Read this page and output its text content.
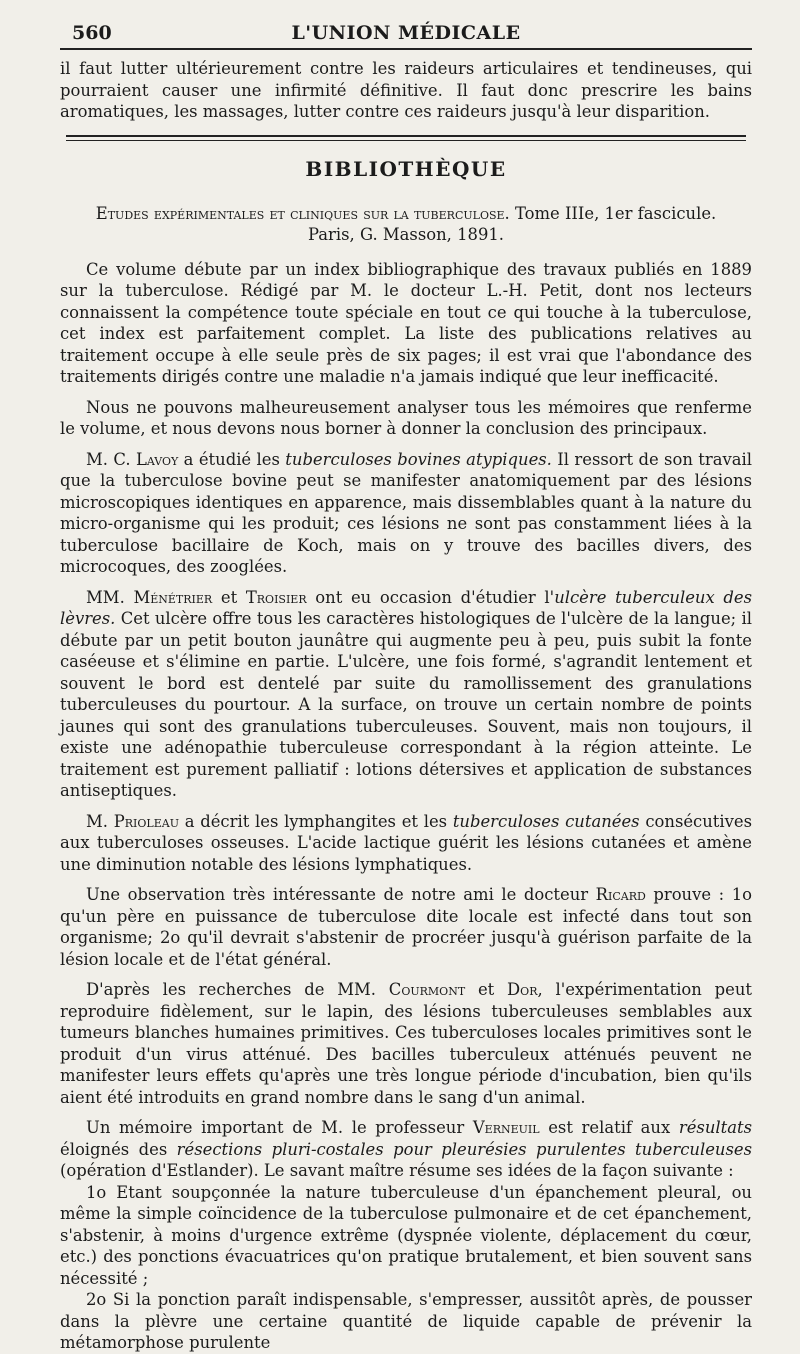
560	L'UNION MÉDICALE

il faut lutter ultérieurement contre les raideurs articulaires et tendineuses, qui pourraient causer une infirmité définitive. Il faut donc prescrire les bains aromatiques, les massages, lutter contre ces raideurs jusqu'à leur disparition.

BIBLIOTHÈQUE
Etudes expérimentales et cliniques sur la tuberculose. Tome IIIe, 1er fascicule.
Paris, G. Masson, 1891.

Ce volume débute par un index bibliographique des travaux publiés en 1889 sur la tuberculose. Rédigé par M. le docteur L.-H. Petit, dont nos lecteurs connaissent la compétence toute spéciale en tout ce qui touche à la tuberculose, cet index est parfaitement complet. La liste des publications relatives au traitement occupe à elle seule près de six pages; il est vrai que l'abondance des traitements dirigés contre une maladie n'a jamais indiqué que leur inefficacité.

Nous ne pouvons malheureusement analyser tous les mémoires que renferme le volume, et nous devons nous borner à donner la conclusion des principaux.

M. C. Lavoy a étudié les tuberculoses bovines atypiques. Il ressort de son travail que la tuberculose bovine peut se manifester anatomiquement par des lésions microscopiques identiques en apparence, mais dissemblables quant à la nature du micro-organisme qui les produit; ces lésions ne sont pas constamment liées à la tuberculose bacillaire de Koch, mais on y trouve des bacilles divers, des microcoques, des zooglées.

MM. Ménétrier et Troisier ont eu occasion d'étudier l'ulcère tuberculeux des lèvres. Cet ulcère offre tous les caractères histologiques de l'ulcère de la langue; il débute par un petit bouton jaunâtre qui augmente peu à peu, puis subit la fonte caséeuse et s'élimine en partie. L'ulcère, une fois formé, s'agrandit lentement et souvent le bord est dentelé par suite du ramollissement des granulations tuberculeuses du pourtour. A la surface, on trouve un certain nombre de points jaunes qui sont des granulations tuberculeuses. Souvent, mais non toujours, il existe une adénopathie tuberculeuse correspondant à la région atteinte. Le traitement est purement palliatif : lotions détersives et application de substances antiseptiques.

M. Prioleau a décrit les lymphangites et les tuberculoses cutanées consécutives aux tuberculoses osseuses. L'acide lactique guérit les lésions cutanées et amène une diminution notable des lésions lymphatiques.

Une observation très intéressante de notre ami le docteur Ricard prouve : 1o qu'un père en puissance de tuberculose dite locale est infecté dans tout son organisme; 2o qu'il devrait s'abstenir de procréer jusqu'à guérison parfaite de la lésion locale et de l'état général.

D'après les recherches de MM. Courmont et Dor, l'expérimentation peut reproduire fidèlement, sur le lapin, des lésions tuberculeuses semblables aux tumeurs blanches humaines primitives. Ces tuberculoses locales primitives sont le produit d'un virus atténué. Des bacilles tuberculeux atténués peuvent ne manifester leurs effets qu'après une très longue période d'incubation, bien qu'ils aient été introduits en grand nombre dans le sang d'un animal.

Un mémoire important de M. le professeur Verneuil est relatif aux résultats éloignés des résections pluri-costales pour pleurésies purulentes tuberculeuses (opération d'Estlander). Le savant maître résume ses idées de la façon suivante :

1o Etant soupçonnée la nature tuberculeuse d'un épanchement pleural, ou même la simple coïncidence de la tuberculose pulmonaire et de cet épanchement, s'abstenir, à moins d'urgence extrême (dyspnée violente, déplacement du cœur, etc.) des ponctions évacuatrices qu'on pratique brutalement, et bien souvent sans nécessité ;

2o Si la ponction paraît indispensable, s'empresser, aussitôt après, de pousser dans la plèvre une certaine quantité de liquide capable de prévenir la métamorphose purulente
